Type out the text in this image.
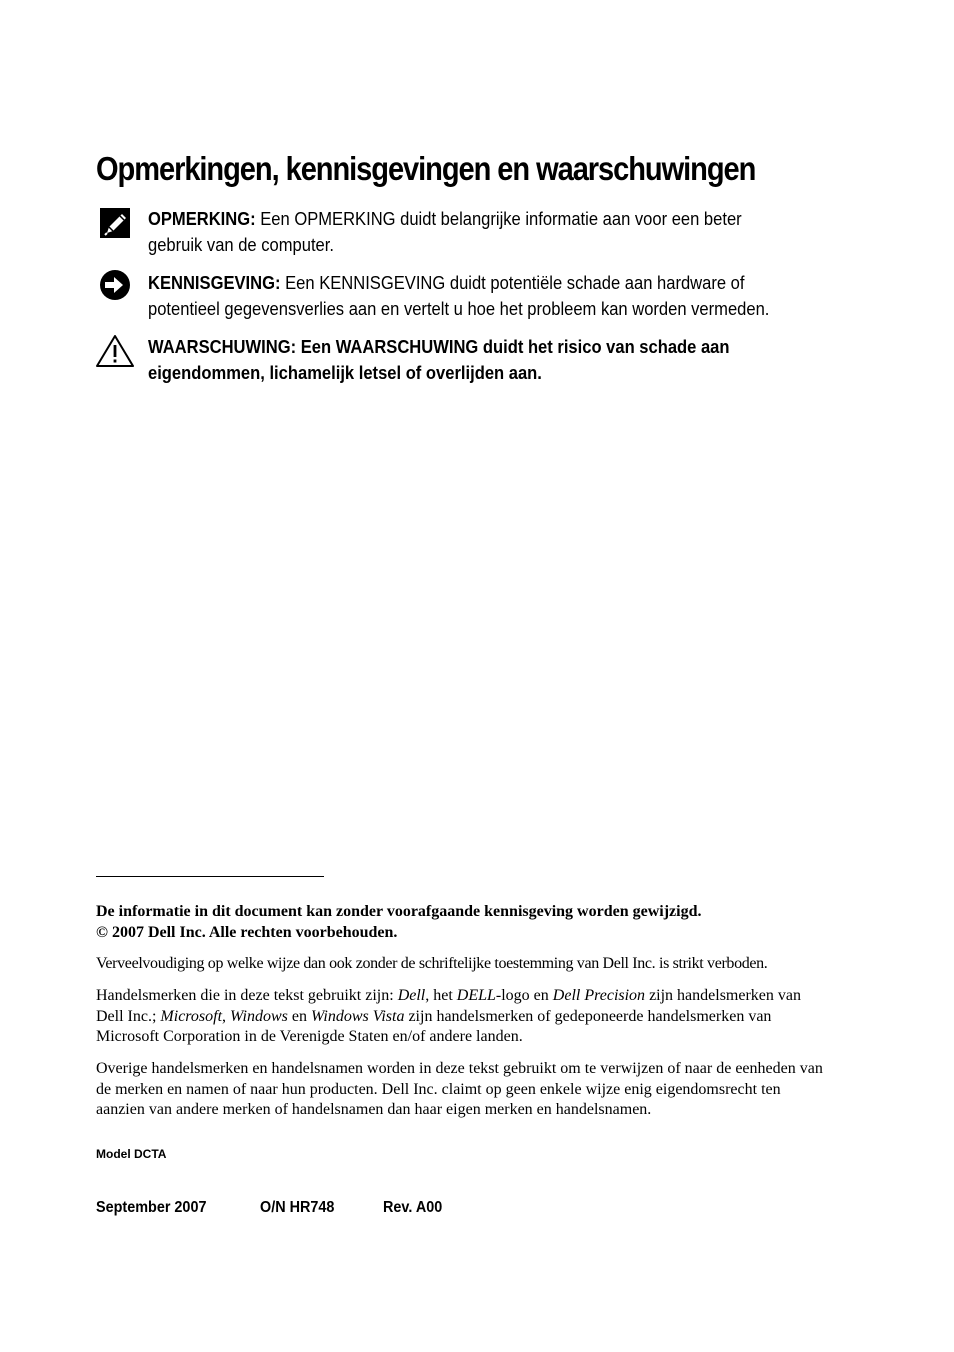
Opmerkingen, kennisgevingen en waarschuwingen
OPMERKING: Een OPMERKING duidt belangrijke informatie aan voor een beter gebruik van de computer.
KENNISGEVING: Een KENNISGEVING duidt potentiële schade aan hardware of potentieel gegevensverlies aan en vertelt u hoe het probleem kan worden vermeden.
WAARSCHUWING: Een WAARSCHUWING duidt het risico van schade aan eigendommen, lichamelijk letsel of overlijden aan.
De informatie in dit document kan zonder voorafgaande kennisgeving worden gewijzigd.
© 2007 Dell Inc. Alle rechten voorbehouden.
Verveelvoudiging op welke wijze dan ook zonder de schriftelijke toestemming van Dell Inc. is strikt verboden.
Handelsmerken die in deze tekst gebruikt zijn: Dell, het DELL-logo en Dell Precision zijn handelsmerken van Dell Inc.; Microsoft, Windows en Windows Vista zijn handelsmerken of gedeponeerde handelsmerken van Microsoft Corporation in de Verenigde Staten en/of andere landen.
Overige handelsmerken en handelsnamen worden in deze tekst gebruikt om te verwijzen of naar de eenheden van de merken en namen of naar hun producten. Dell Inc. claimt op geen enkele wijze enig eigendomsrecht ten aanzien van andere merken of handelsnamen dan haar eigen merken en handelsnamen.
Model DCTA
September 2007	O/N HR748	Rev. A00
